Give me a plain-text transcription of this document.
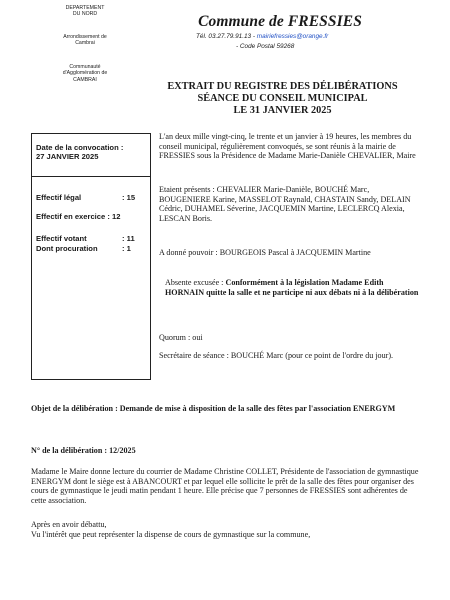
DEPARTEMENT
DU NORD
Arrondissement de
Cambrai
Communauté
d'Agglomération de
CAMBRAI
Commune de FRESSIES
Tél. 03.27.79.91.13 - mairiefressies@orange.fr
- Code Postal 59268
EXTRAIT DU REGISTRE DES DÉLIBÉRATIONS
SÉANCE DU CONSEIL MUNICIPAL
LE 31 JANVIER 2025
Date de la convocation :
27 JANVIER 2025
Effectif légal	: 15
Effectif en exercice : 12
Effectif votant	: 11
Dont procuration	: 1
L'an deux mille vingt-cinq, le trente et un janvier à 19 heures, les membres du conseil municipal, régulièrement convoqués, se sont réunis à la mairie de FRESSIES sous la Présidence de Madame Marie-Danièle CHEVALIER, Maire
Etaient présents : CHEVALIER Marie-Danièle, BOUCHÉ Marc, BOUGENIERE Karine, MASSELOT Raynald, CHASTAIN Sandy, DELAIN Cédric, DUHAMEL Séverine, JACQUEMIN Martine, LECLERCQ Alexia, LESCAN Boris.
A donné pouvoir : BOURGEOIS Pascal à JACQUEMIN Martine
Absente excusée : Conformément à la législation Madame Edith HORNAIN quitte la salle et ne participe ni aux débats ni à la délibération
Quorum : oui
Secrétaire de séance : BOUCHÉ Marc (pour ce point de l'ordre du jour).
Objet de la délibération : Demande de mise à disposition de la salle des fêtes par l'association ENERGYM
N° de la délibération : 12/2025
Madame le Maire donne lecture du courrier de Madame Christine COLLET, Présidente de l'association de gymnastique ENERGYM dont le siège est à ABANCOURT et par lequel elle sollicite le prêt de la salle des fêtes pour organiser des cours de gymnastique le jeudi matin pendant 1 heure. Elle précise que 7 personnes de FRESSIES sont adhérentes de cette association.
Après en avoir débattu,
Vu l'intérêt que peut représenter la dispense de cours de gymnastique sur la commune,
